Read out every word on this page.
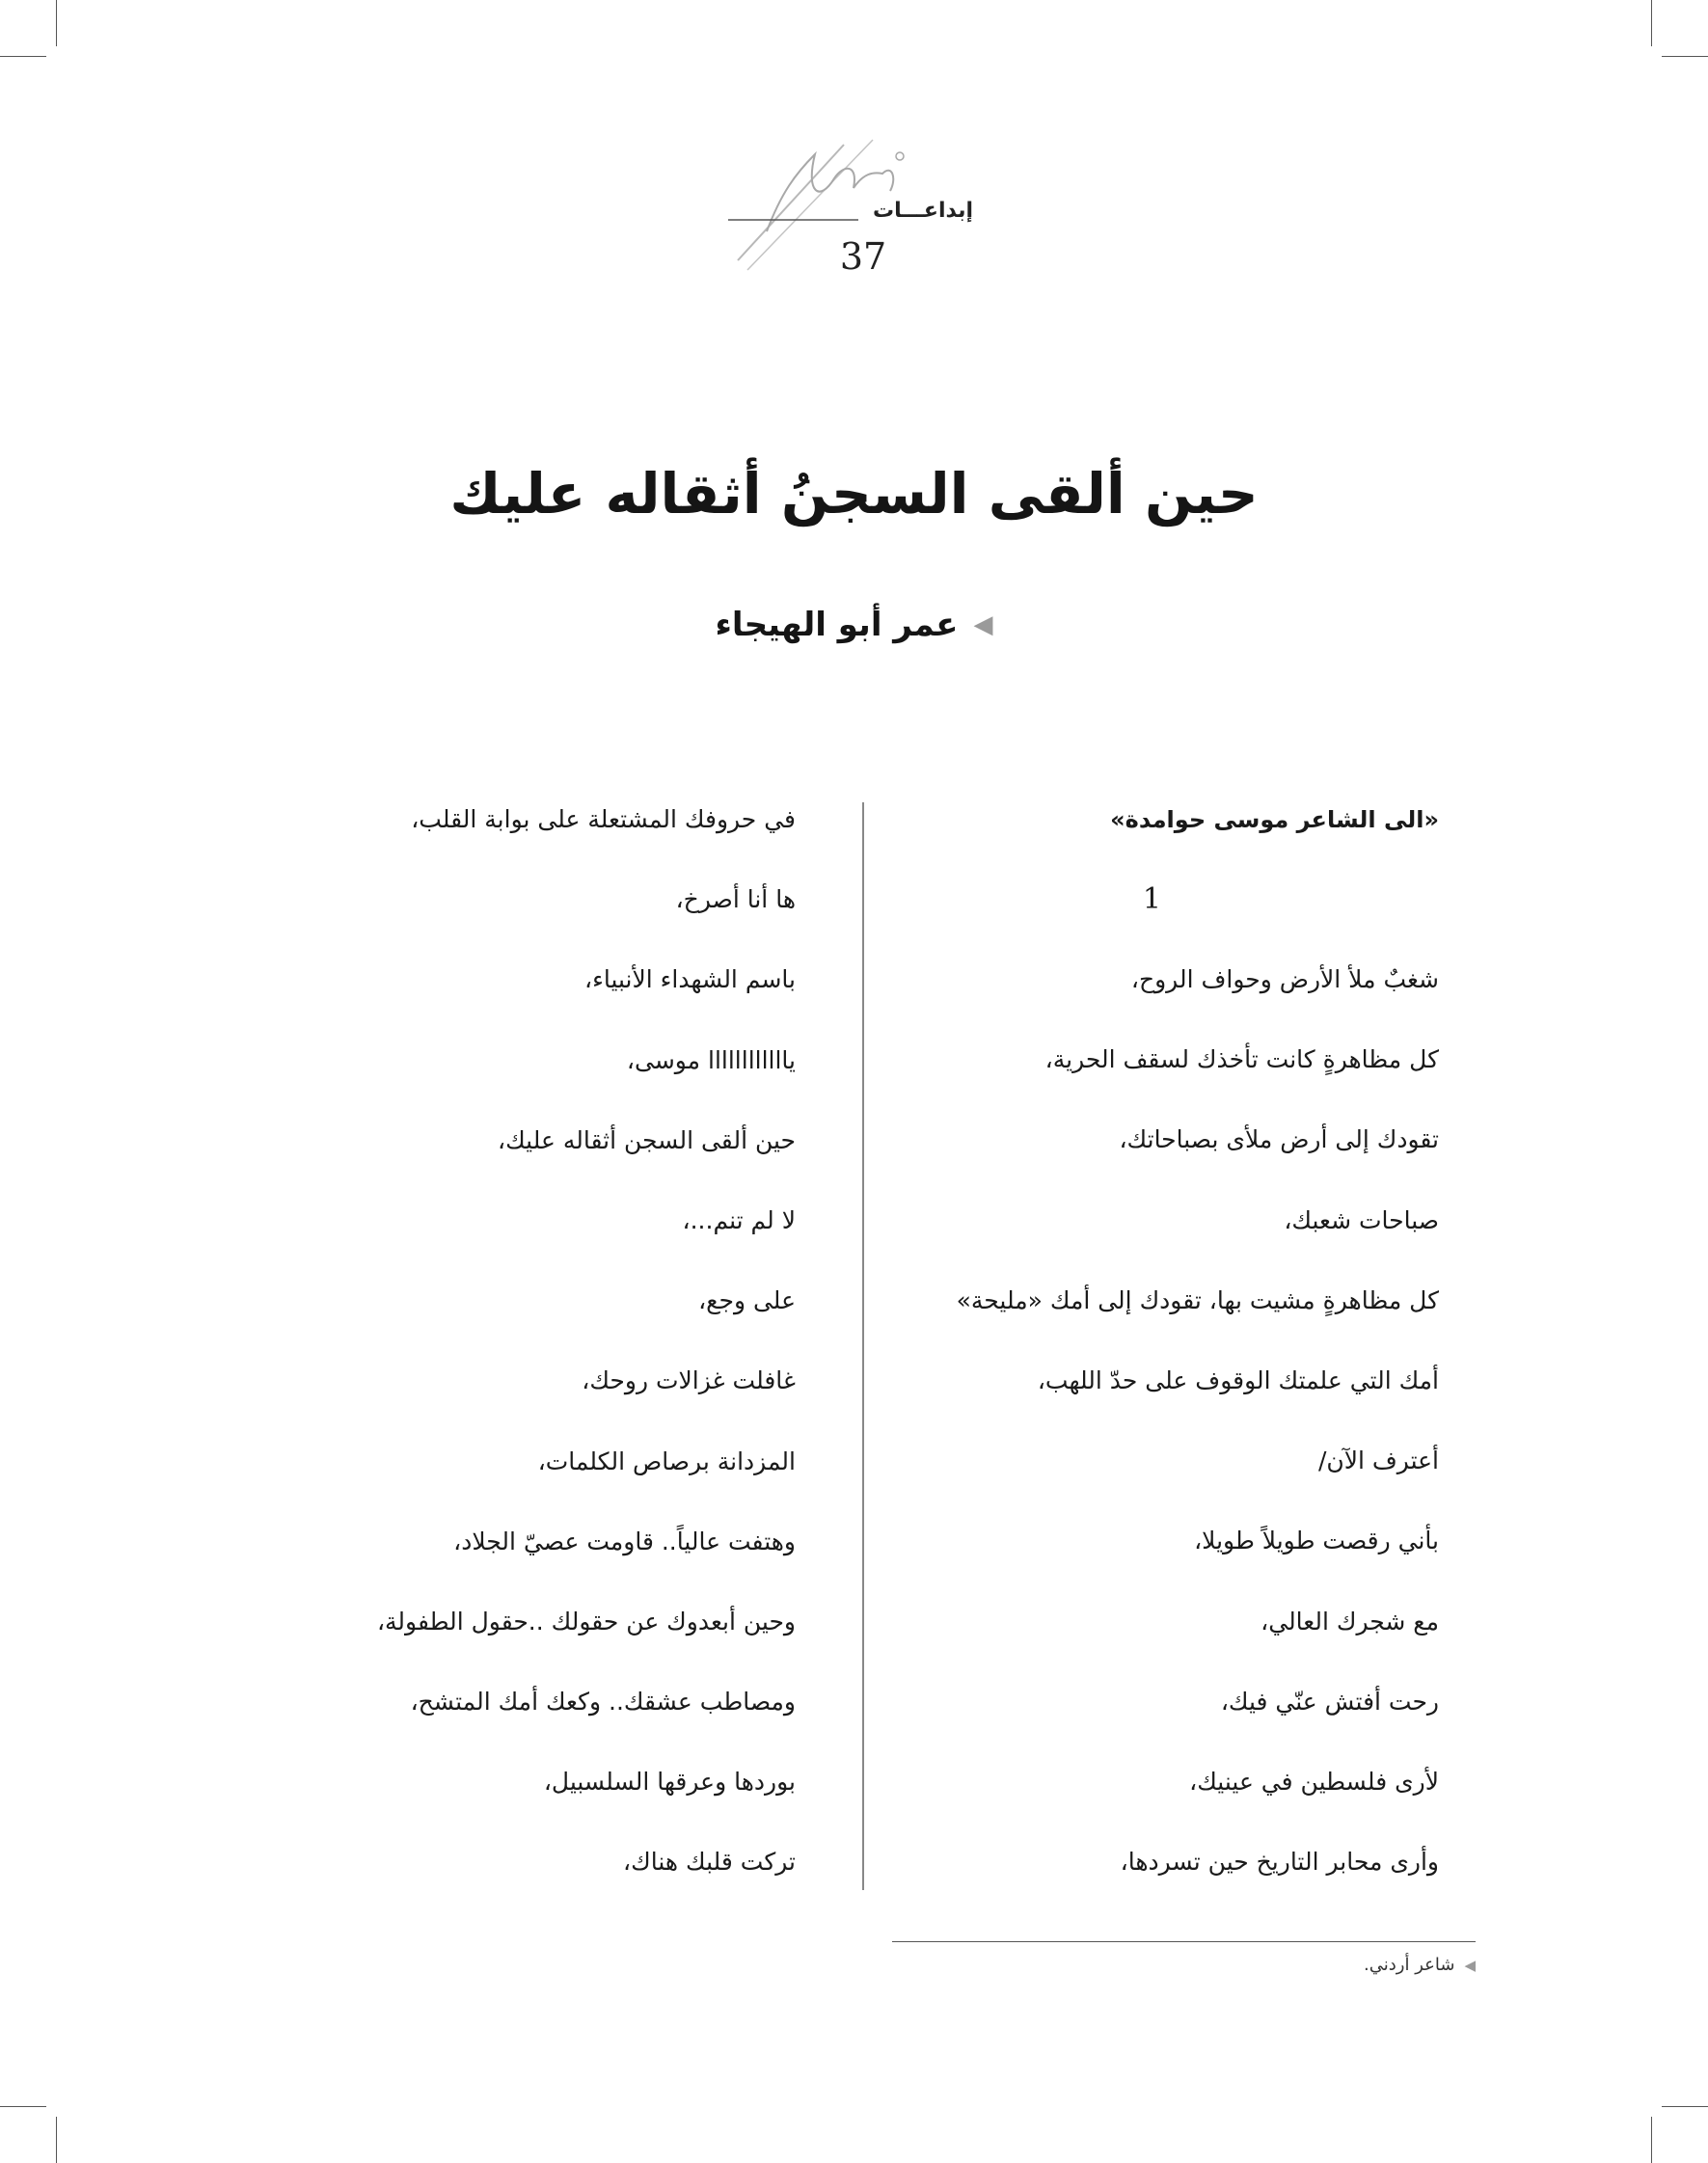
إبداعـــات
37
حين ألقى السجنُ أثقاله عليك
◀عمر أبو الهيجاء
«الى الشاعر موسى حوامدة»
1
شغبٌ ملأ الأرض وحواف الروح،
كل مظاهرةٍ كانت تأخذك لسقف الحرية،
تقودك إلى أرض ملأى بصباحاتك،
صباحات شعبك،
كل مظاهرةٍ مشيت بها، تقودك إلى أمك «مليحة»
أمك التي علمتك الوقوف على حدّ اللهب،
أعترف الآن/
بأني رقصت طويلاً طويلا،
مع شجرك العالي،
رحت أفتش عنّي فيك،
لأرى فلسطين في عينيك،
وأرى محابر التاريخ حين تسردها،
في حروفك المشتعلة على بوابة القلب،
ها أنا أصرخ،
باسم الشهداء الأنبياء،
ياااااااااااا موسى،
حين ألقى السجن أثقاله عليك،
لا لم تنم...،
على وجع،
غافلت غزالات روحك،
المزدانة برصاص الكلمات،
وهتفت عالياً.. قاومت عصيّ الجلاد،
وحين أبعدوك عن حقولك ..حقول الطفولة،
ومصاطب عشقك.. وكعك أمك المتشح،
بوردها وعرقها السلسبيل،
تركت قلبك هناك،
◀شاعر أردني.
